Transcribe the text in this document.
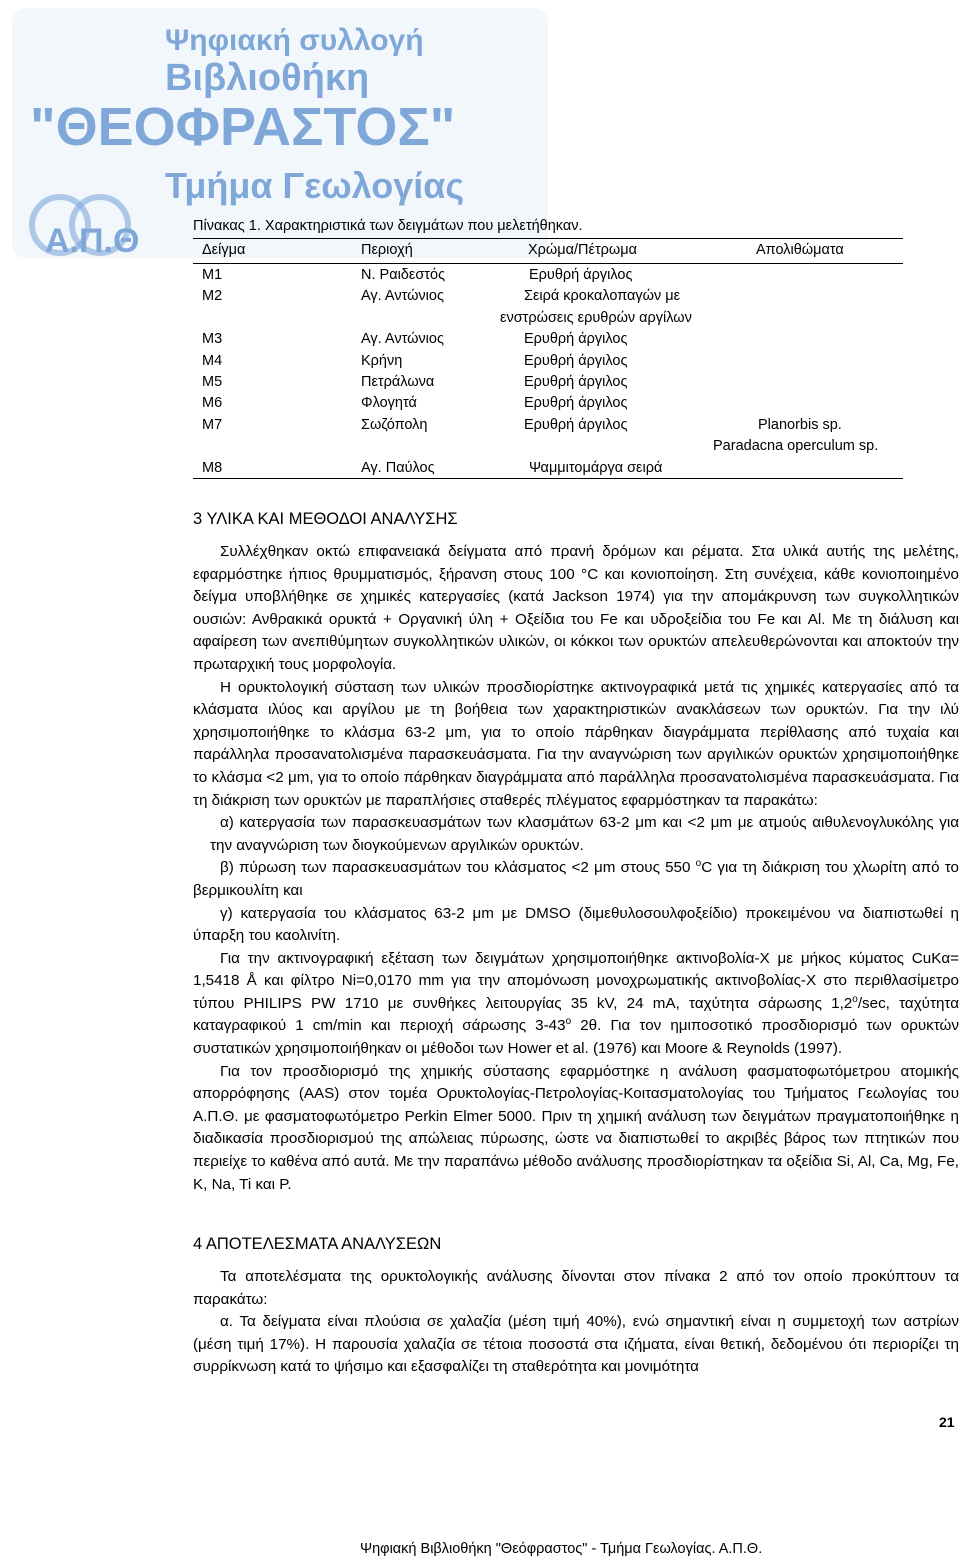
Ψηφιακή συλλογή
Βιβλιοθήκη
"ΘΕΟΦΡΑΣΤΟΣ"
Τμήμα Γεωλογίας
Α.Π.Θ	Πίνακας 1. Χαρακτηριστικά των δειγμάτων που μελετήθηκαν.
Δείγμα	Περιοχή	Χρώμα/Πέτρωμα	Απολιθώματα
M1	Ν. Ραιδεστός	Ερυθρή άργιλος
M2	Αγ. Αντώνιος	Σειρά κροκαλοπαγών με
ενστρώσεις ερυθρών αργίλων
M3	Αγ. Αντώνιος	Ερυθρή άργιλος
M4	Κρήνη	Ερυθρή άργιλος
M5	Πετράλωνα	Ερυθρή άργιλος
M6	Φλογητά	Ερυθρή άργιλος
M7	Σωζόπολη	Ερυθρή άργιλος	Planorbis sp.
Paradacna operculum sp.
M8	Αγ. Παύλος	Ψαμμιτομάργα σειρά
3 ΥΛΙΚΑ ΚΑΙ ΜΕΘΟΔΟΙ ΑΝΑΛΥΣΗΣ

Συλλέχθηκαν οκτώ επιφανειακά δείγματα από πρανή δρόμων και ρέματα. Στα υλικά αυτής της μελέτης, εφαρμόστηκε ήπιος θρυμματισμός, ξήρανση στους 100 °C και κονιοποίηση. Στη συνέχεια, κάθε κονιοποιημένο δείγμα υποβλήθηκε σε χημικές κατεργασίες (κατά Jackson 1974) για την απομάκρυνση των συγκολλητικών ουσιών: Ανθρακικά ορυκτά + Οργανική ύλη + Οξείδια του Fe και υδροξείδια του Fe και Al. Με τη διάλυση και αφαίρεση των ανεπιθύμητων συγκολλητικών υλικών, οι κόκκοι των ορυκτών απελευθερώνονται και αποκτούν την πρωταρχική τους μορφολογία.

Η ορυκτολογική σύσταση των υλικών προσδιορίστηκε ακτινογραφικά μετά τις χημικές κατεργασίες από τα κλάσματα ιλύος και αργίλου με τη βοήθεια των χαρακτηριστικών ανακλάσεων των ορυκτών. Για την ιλύ χρησιμοποιήθηκε το κλάσμα 63-2 μm, για το οποίο πάρθηκαν διαγράμματα περίθλασης από τυχαία και παράλληλα προσανατολισμένα παρασκευάσματα. Για την αναγνώριση των αργιλικών ορυκτών χρησιμοποιήθηκε το κλάσμα <2 μm, για το οποίο πάρθηκαν διαγράμματα από παράλληλα προσανατολισμένα παρασκευάσματα. Για τη διάκριση των ορυκτών με παραπλήσιες σταθερές πλέγματος εφαρμόστηκαν τα παρακάτω:

α) κατεργασία των παρασκευασμάτων των κλασμάτων 63-2 μm και <2 μm με ατμούς αιθυλενογλυκόλης για την αναγνώριση των διογκούμενων αργιλικών ορυκτών.

β) πύρωση των παρασκευασμάτων του κλάσματος <2 μm στους 550 $^o$C για τη διάκριση του χλωρίτη από το βερμικουλίτη και

γ) κατεργασία του κλάσματος 63-2 μm με DMSO (διμεθυλοσουλφοξείδιο) προκειμένου να διαπιστωθεί η ύπαρξη του καολινίτη.

Για την ακτινογραφική εξέταση των δειγμάτων χρησιμοποιήθηκε ακτινοβολία-X με μήκος κύματος CuKα= 1,5418 Å και φίλτρο Ni=0,0170 mm για την απομόνωση μονοχρωματικής ακτινοβολίας-X στο περιθλασίμετρο τύπου PHILIPS PW 1710 με συνθήκες λειτουργίας 35 kV, 24 mA, ταχύτητα σάρωσης 1,2$^o$/sec, ταχύτητα καταγραφικού 1 cm/min και περιοχή σάρωσης 3-43$^o$ 2θ. Για τον ημιποσοτικό προσδιορισμό των ορυκτών συστατικών χρησιμοποιήθηκαν οι μέθοδοι των Hower et al. (1976) και Moore & Reynolds (1997).

Για τον προσδιορισμό της χημικής σύστασης εφαρμόστηκε η ανάλυση φασματοφωτόμετρου ατομικής απορρόφησης (AAS) στον τομέα Ορυκτολογίας-Πετρολογίας-Κοιτασματολογίας του Τμήματος Γεωλογίας του Α.Π.Θ. με φασματοφωτόμετρο Perkin Elmer 5000. Πριν τη χημική ανάλυση των δειγμάτων πραγματοποιήθηκε η διαδικασία προσδιορισμού της απώλειας πύρωσης, ώστε να διαπιστωθεί το ακριβές βάρος των πτητικών που περιείχε το καθένα από αυτά. Με την παραπάνω μέθοδο ανάλυσης προσδιορίστηκαν τα οξείδια Si, Al, Ca, Mg, Fe, K, Na, Ti και P.

4 ΑΠΟΤΕΛΕΣΜΑΤΑ ΑΝΑΛΥΣΕΩΝ

Τα αποτελέσματα της ορυκτολογικής ανάλυσης δίνονται στον πίνακα 2 από τον οποίο προκύπτουν τα παρακάτω:

α. Τα δείγματα είναι πλούσια σε χαλαζία (μέση τιμή 40%), ενώ σημαντική είναι η συμμετοχή των αστρίων (μέση τιμή 17%). Η παρουσία χαλαζία σε τέτοια ποσοστά στα ιζήματα, είναι θετική, δεδομένου ότι περιορίζει τη συρρίκνωση κατά το ψήσιμο και εξασφαλίζει τη σταθερότητα και μονιμότητα

21
Ψηφιακή Βιβλιοθήκη "Θεόφραστος" - Τμήμα Γεωλογίας. Α.Π.Θ.
